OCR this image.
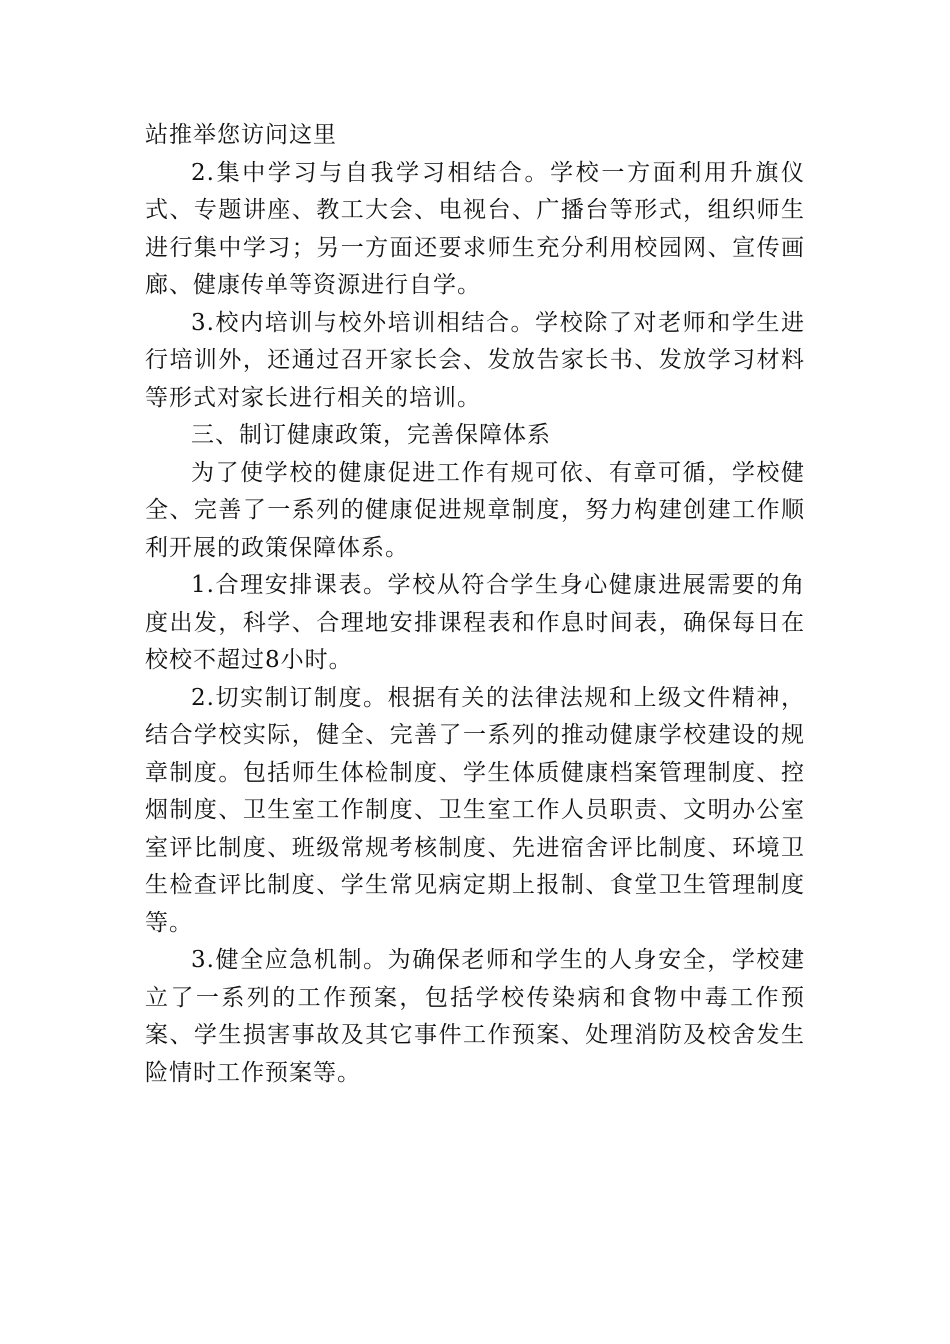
站推举您访问这里

2.集中学习与自我学习相结合。学校一方面利用升旗仪式、专题讲座、教工大会、电视台、广播台等形式，组织师生进行集中学习；另一方面还要求师生充分利用校园网、宣传画廊、健康传单等资源进行自学。

3.校内培训与校外培训相结合。学校除了对老师和学生进行培训外，还通过召开家长会、发放告家长书、发放学习材料等形式对家长进行相关的培训。

三、制订健康政策，完善保障体系

为了使学校的健康促进工作有规可依、有章可循，学校健全、完善了一系列的健康促进规章制度，努力构建创建工作顺利开展的政策保障体系。

1.合理安排课表。学校从符合学生身心健康进展需要的角度出发，科学、合理地安排课程表和作息时间表，确保每日在校校不超过8小时。

2.切实制订制度。根据有关的法律法规和上级文件精神，结合学校实际，健全、完善了一系列的推动健康学校建设的规章制度。包括师生体检制度、学生体质健康档案管理制度、控烟制度、卫生室工作制度、卫生室工作人员职责、文明办公室室评比制度、班级常规考核制度、先进宿舍评比制度、环境卫生检查评比制度、学生常见病定期上报制、食堂卫生管理制度等。

3.健全应急机制。为确保老师和学生的人身安全，学校建立了一系列的工作预案，包括学校传染病和食物中毒工作预案、学生损害事故及其它事件工作预案、处理消防及校舍发生险情时工作预案等。
